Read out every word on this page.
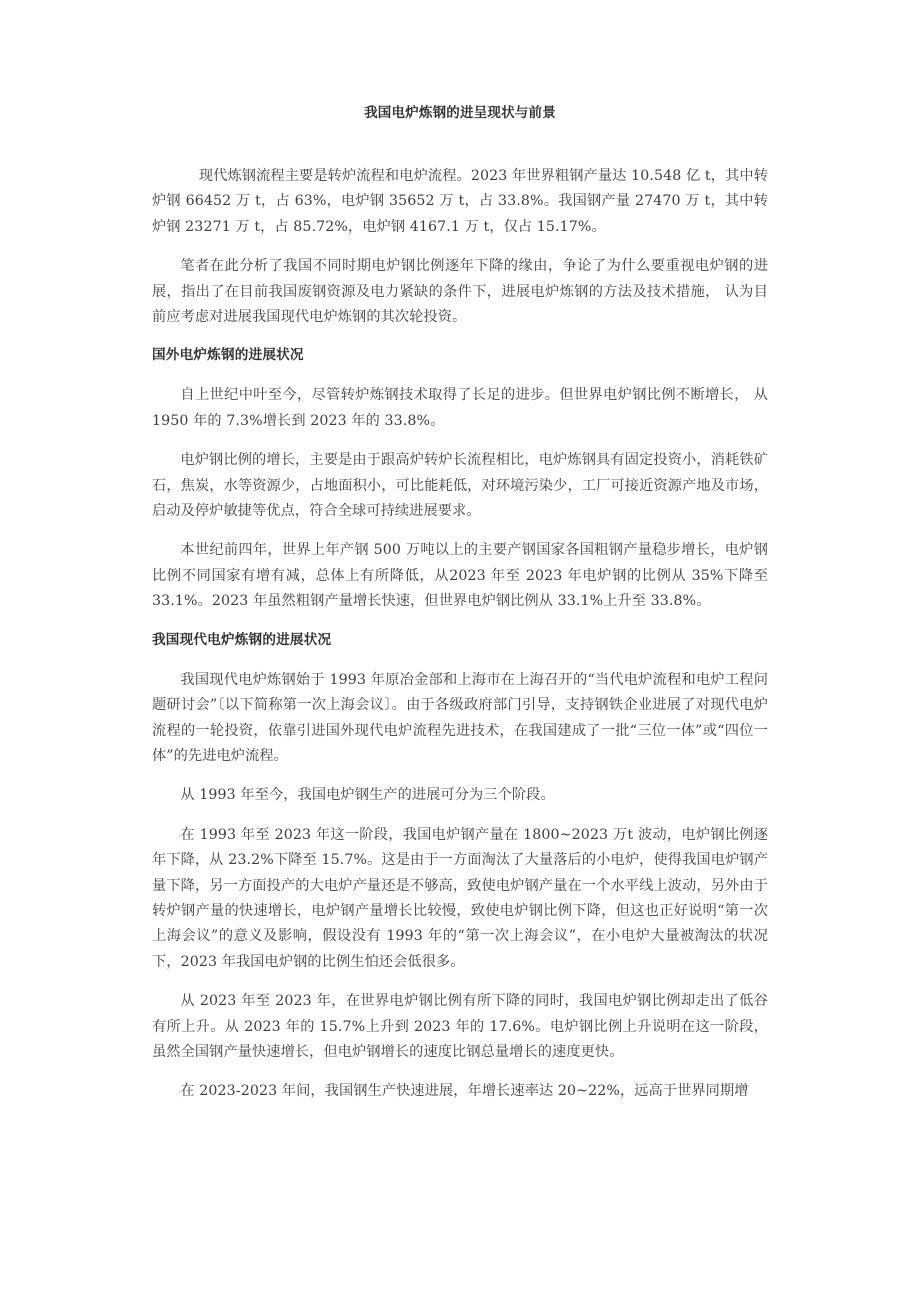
我国电炉炼钢的进呈现状与前景

现代炼钢流程主要是转炉流程和电炉流程。2023 年世界粗钢产量达 10.548 亿 t，其中转炉钢 66452 万 t，占 63%，电炉钢 35652 万 t，占 33.8%。我国钢产量 27470 万 t，其中转炉钢 23271 万 t，占 85.72%，电炉钢 4167.1 万 t，仅占 15.17%。

笔者在此分析了我国不同时期电炉钢比例逐年下降的缘由，争论了为什么要重视电炉钢的进展，指出了在目前我国废钢资源及电力紧缺的条件下，进展电炉炼钢的方法及技术措施， 认为目前应考虑对进展我国现代电炉炼钢的其次轮投资。

国外电炉炼钢的进展状况

自上世纪中叶至今，尽管转炉炼钢技术取得了长足的进步。但世界电炉钢比例不断增长， 从 1950 年的 7.3%增长到 2023 年的 33.8%。

电炉钢比例的增长，主要是由于跟高炉转炉长流程相比，电炉炼钢具有固定投资小，消耗铁矿石，焦炭，水等资源少，占地面积小，可比能耗低，对环境污染少，工厂可接近资源产地及市场，启动及停炉敏捷等优点，符合全球可持续进展要求。

本世纪前四年，世界上年产钢 500 万吨以上的主要产钢国家各国粗钢产量稳步增长，电炉钢比例不同国家有增有减，总体上有所降低，从2023 年至 2023 年电炉钢的比例从 35%下降至 33.1%。2023 年虽然粗钢产量增长快速，但世界电炉钢比例从 33.1%上升至 33.8%。

我国现代电炉炼钢的进展状况

我国现代电炉炼钢始于 1993 年原冶金部和上海市在上海召开的“当代电炉流程和电炉工程问题研讨会”〔以下简称第一次上海会议〕。由于各级政府部门引导，支持钢铁企业进展了对现代电炉流程的一轮投资，依靠引进国外现代电炉流程先进技术，在我国建成了一批“三位一体”或“四位一体”的先进电炉流程。

从 1993 年至今，我国电炉钢生产的进展可分为三个阶段。

在 1993 年至 2023 年这一阶段，我国电炉钢产量在 1800~2023 万t 波动，电炉钢比例逐年下降，从 23.2%下降至 15.7%。这是由于一方面淘汰了大量落后的小电炉，使得我国电炉钢产量下降，另一方面投产的大电炉产量还是不够高，致使电炉钢产量在一个水平线上波动，另外由于转炉钢产量的快速增长，电炉钢产量增长比较慢，致使电炉钢比例下降，但这也正好说明“第一次上海会议”的意义及影响，假设没有 1993 年的“第一次上海会议”，在小电炉大量被淘汰的状况下，2023 年我国电炉钢的比例生怕还会低很多。

从 2023 年至 2023 年，在世界电炉钢比例有所下降的同时，我国电炉钢比例却走出了低谷有所上升。从 2023 年的 15.7%上升到 2023 年的 17.6%。电炉钢比例上升说明在这一阶段，虽然全国钢产量快速增长，但电炉钢增长的速度比钢总量增长的速度更快。

在 2023-2023 年间，我国钢生产快速进展，年增长速率达 20~22%，远高于世界同期增
